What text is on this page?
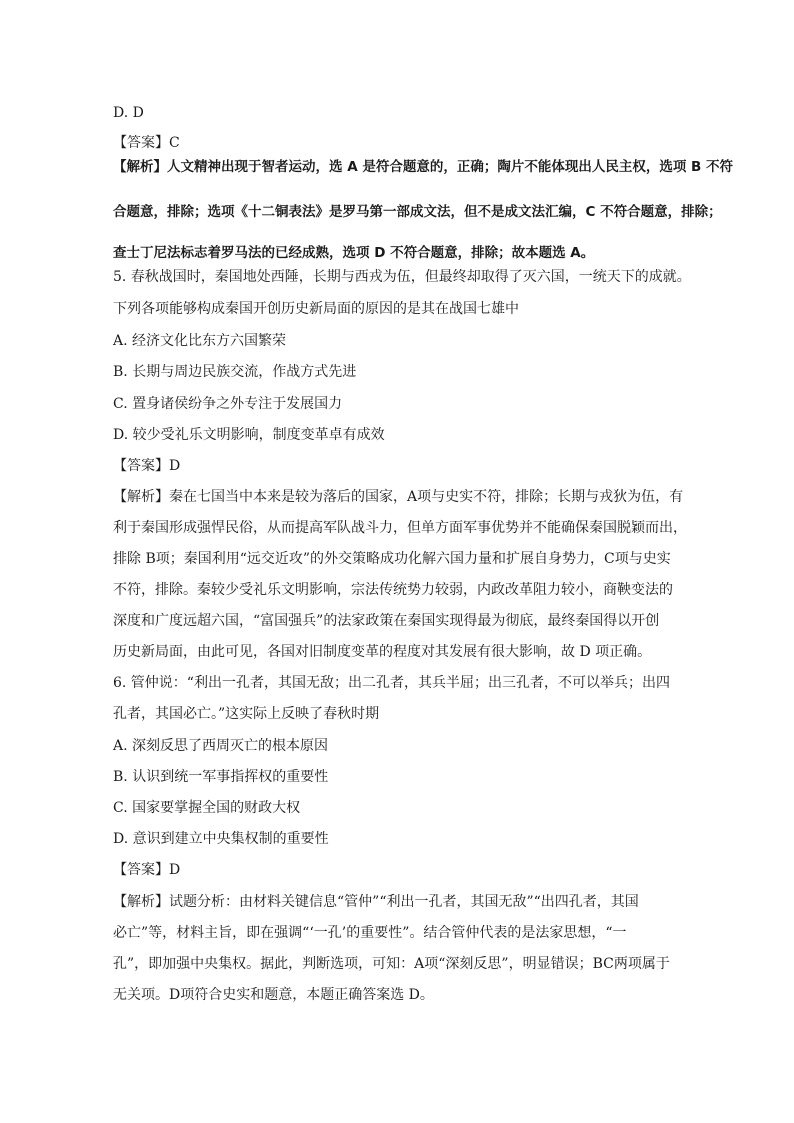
D. D
【答案】C
【解析】人文精神出现于智者运动，选 A 是符合题意的，正确；陶片不能体现出人民主权，选项 B 不符
合题意，排除；选项《十二铜表法》是罗马第一部成文法，但不是成文法汇编，C 不符合题意，排除；
查士丁尼法标志着罗马法的已经成熟，选项 D 不符合题意，排除；故本题选 A。
5. 春秋战国时，秦国地处西陲，长期与西戎为伍，但最终却取得了灭六国，一统天下的成就。
下列各项能够构成秦国开创历史新局面的原因的是其在战国七雄中
A. 经济文化比东方六国繁荣
B. 长期与周边民族交流，作战方式先进
C. 置身诸侯纷争之外专注于发展国力
D. 较少受礼乐文明影响，制度变革卓有成效
【答案】D
【解析】秦在七国当中本来是较为落后的国家，A项与史实不符，排除；长期与戎狄为伍，有
利于秦国形成强悍民俗，从而提高军队战斗力，但单方面军事优势并不能确保秦国脱颖而出，
排除 B项；秦国利用“远交近攻”的外交策略成功化解六国力量和扩展自身势力，C项与史实
不符，排除。秦较少受礼乐文明影响，宗法传统势力较弱，内政改革阻力较小，商鞅变法的
深度和广度远超六国，“富国强兵”的法家政策在秦国实现得最为彻底，最终秦国得以开创
历史新局面，由此可见，各国对旧制度变革的程度对其发展有很大影响，故 D 项正确。
6. 管仲说：“利出一孔者，其国无敌；出二孔者，其兵半屈；出三孔者，不可以举兵；出四
孔者，其国必亡。”这实际上反映了春秋时期
A. 深刻反思了西周灭亡的根本原因
B. 认识到统一军事指挥权的重要性
C. 国家要掌握全国的财政大权
D. 意识到建立中央集权制的重要性
【答案】D
【解析】试题分析：由材料关键信息“管仲”“利出一孔者，其国无敌”“出四孔者，其国
必亡”等，材料主旨，即在强调“‘一孔’的重要性”。结合管仲代表的是法家思想，“一
孔”，即加强中央集权。据此，判断选项，可知：A项“深刻反思”，明显错误；BC两项属于
无关项。D项符合史实和题意，本题正确答案选 D。
